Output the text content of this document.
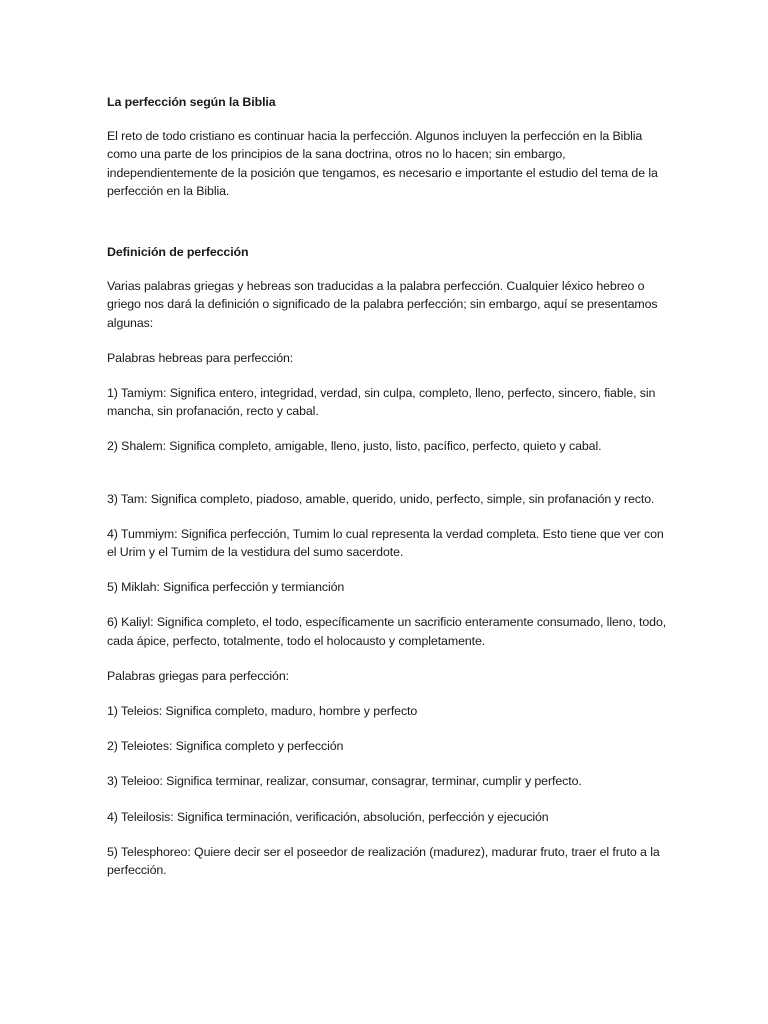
La perfección según la Biblia

El reto de todo cristiano es continuar hacia la perfección. Algunos incluyen la perfección en la Biblia como una parte de los principios de la sana doctrina, otros no lo hacen; sin embargo, independientemente de la posición que tengamos, es necesario e importante el estudio del tema de la perfección en la Biblia.

Definición de perfección

Varias palabras griegas y hebreas son traducidas a la palabra perfección. Cualquier léxico hebreo o griego nos dará la definición o significado de la palabra perfección; sin embargo, aquí se presentamos algunas:

Palabras hebreas para perfección:

1) Tamiym: Significa entero, integridad, verdad, sin culpa, completo, lleno, perfecto, sincero, fiable, sin mancha, sin profanación, recto y cabal.

2) Shalem: Significa completo, amigable, lleno, justo, listo, pacífico, perfecto, quieto y cabal.

3) Tam: Significa completo, piadoso, amable, querido, unido, perfecto, simple, sin profanación y recto.

4) Tummiym: Significa perfección, Tumim lo cual representa la verdad completa. Esto tiene que ver con el Urim y el Tumim de la vestidura del sumo sacerdote.

5) Miklah: Significa perfección y termianción

6) Kaliyl: Significa completo, el todo, específicamente un sacrificio enteramente consumado, lleno, todo, cada ápice, perfecto, totalmente, todo el holocausto y completamente.

Palabras griegas para perfección:

1) Teleios: Significa completo, maduro, hombre y perfecto

2) Teleiotes: Significa completo y perfección

3) Teleioo: Significa terminar, realizar, consumar, consagrar, terminar, cumplir y perfecto.

4) Teleilosis: Significa terminación, verificación, absolución, perfección y ejecución

5) Telesphoreo: Quiere decir ser el poseedor de realización (madurez), madurar fruto, traer el fruto a la perfección.
